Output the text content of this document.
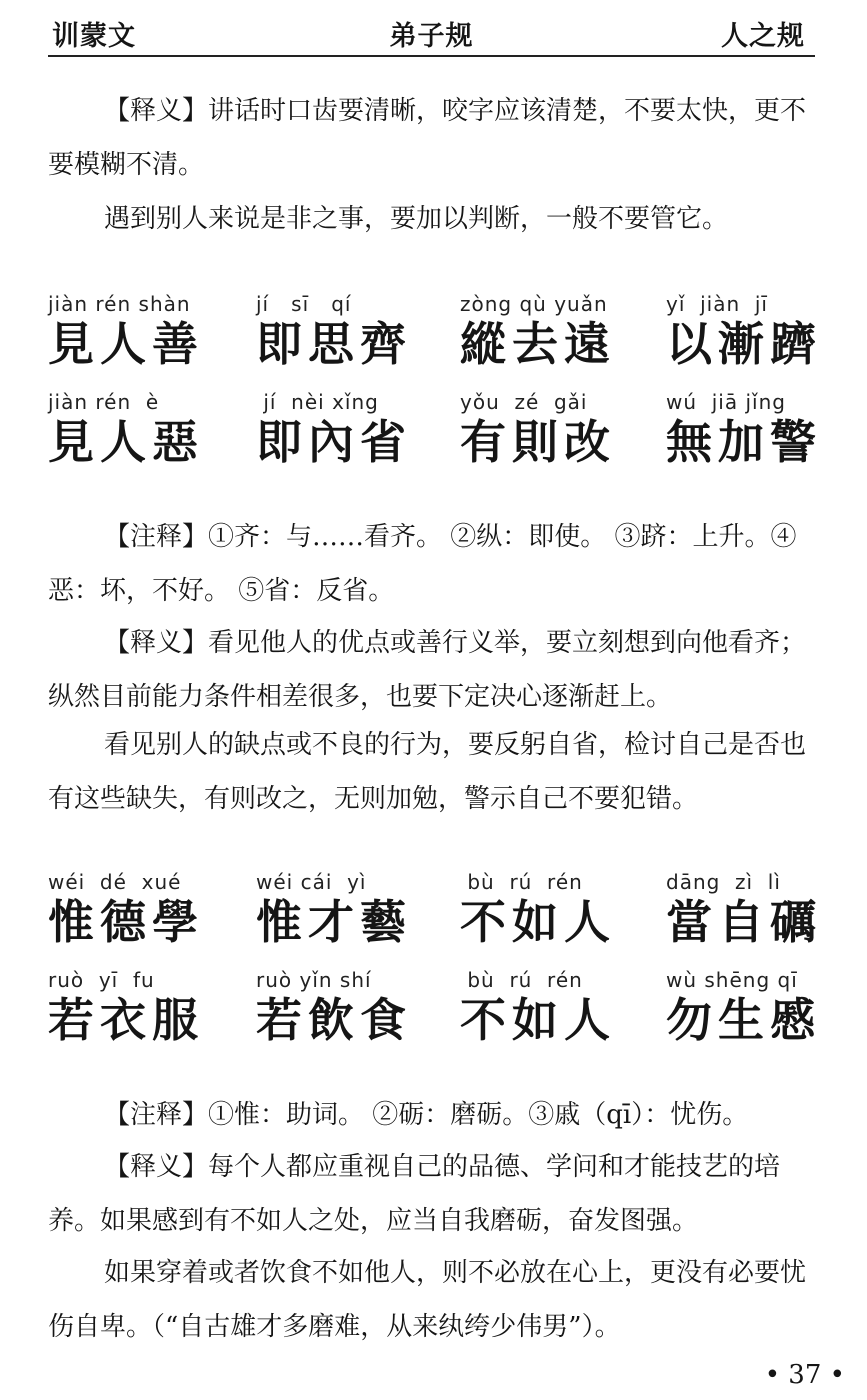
训蒙文	弟子规	人之规

【释义】讲话时口齿要清晰，咬字应该清楚，不要太快，更不要模糊不清。

遇到别人来说是非之事，要加以判断，一般不要管它。

jiàn rén shàn
見人善
jí   sī   qí
即思齊
zòng qù yuǎn
縱去遠
yǐ  jiàn  jī
以漸躋
jiàn rén  è
見人惡
jí  nèi xǐng
即內省
yǒu  zé  gǎi
有則改
wú  jiā jǐng
無加警

【注释】①齐：与……看齐。 ②纵：即使。 ③跻：上升。④恶：坏，不好。 ⑤省：反省。

【释义】看见他人的优点或善行义举，要立刻想到向他看齐；纵然目前能力条件相差很多，也要下定决心逐渐赶上。

看见别人的缺点或不良的行为，要反躬自省，检讨自己是否也有这些缺失，有则改之，无则加勉，警示自己不要犯错。

wéi  dé  xué
惟德學
wéi cái  yì
惟才藝
bù  rú  rén
不如人
dāng  zì  lì
當自礪
ruò  yī  fu
若衣服
ruò yǐn shí
若飲食
bù  rú  rén
不如人
wù shēng qī
勿生慼

【注释】①惟：助词。 ②砺：磨砺。③戚（qī）：忧伤。

【释义】每个人都应重视自己的品德、学问和才能技艺的培养。如果感到有不如人之处，应当自我磨砺，奋发图强。

如果穿着或者饮食不如他人，则不必放在心上，更没有必要忧伤自卑。（“自古雄才多磨难，从来纨绔少伟男”）。

• 37 •
